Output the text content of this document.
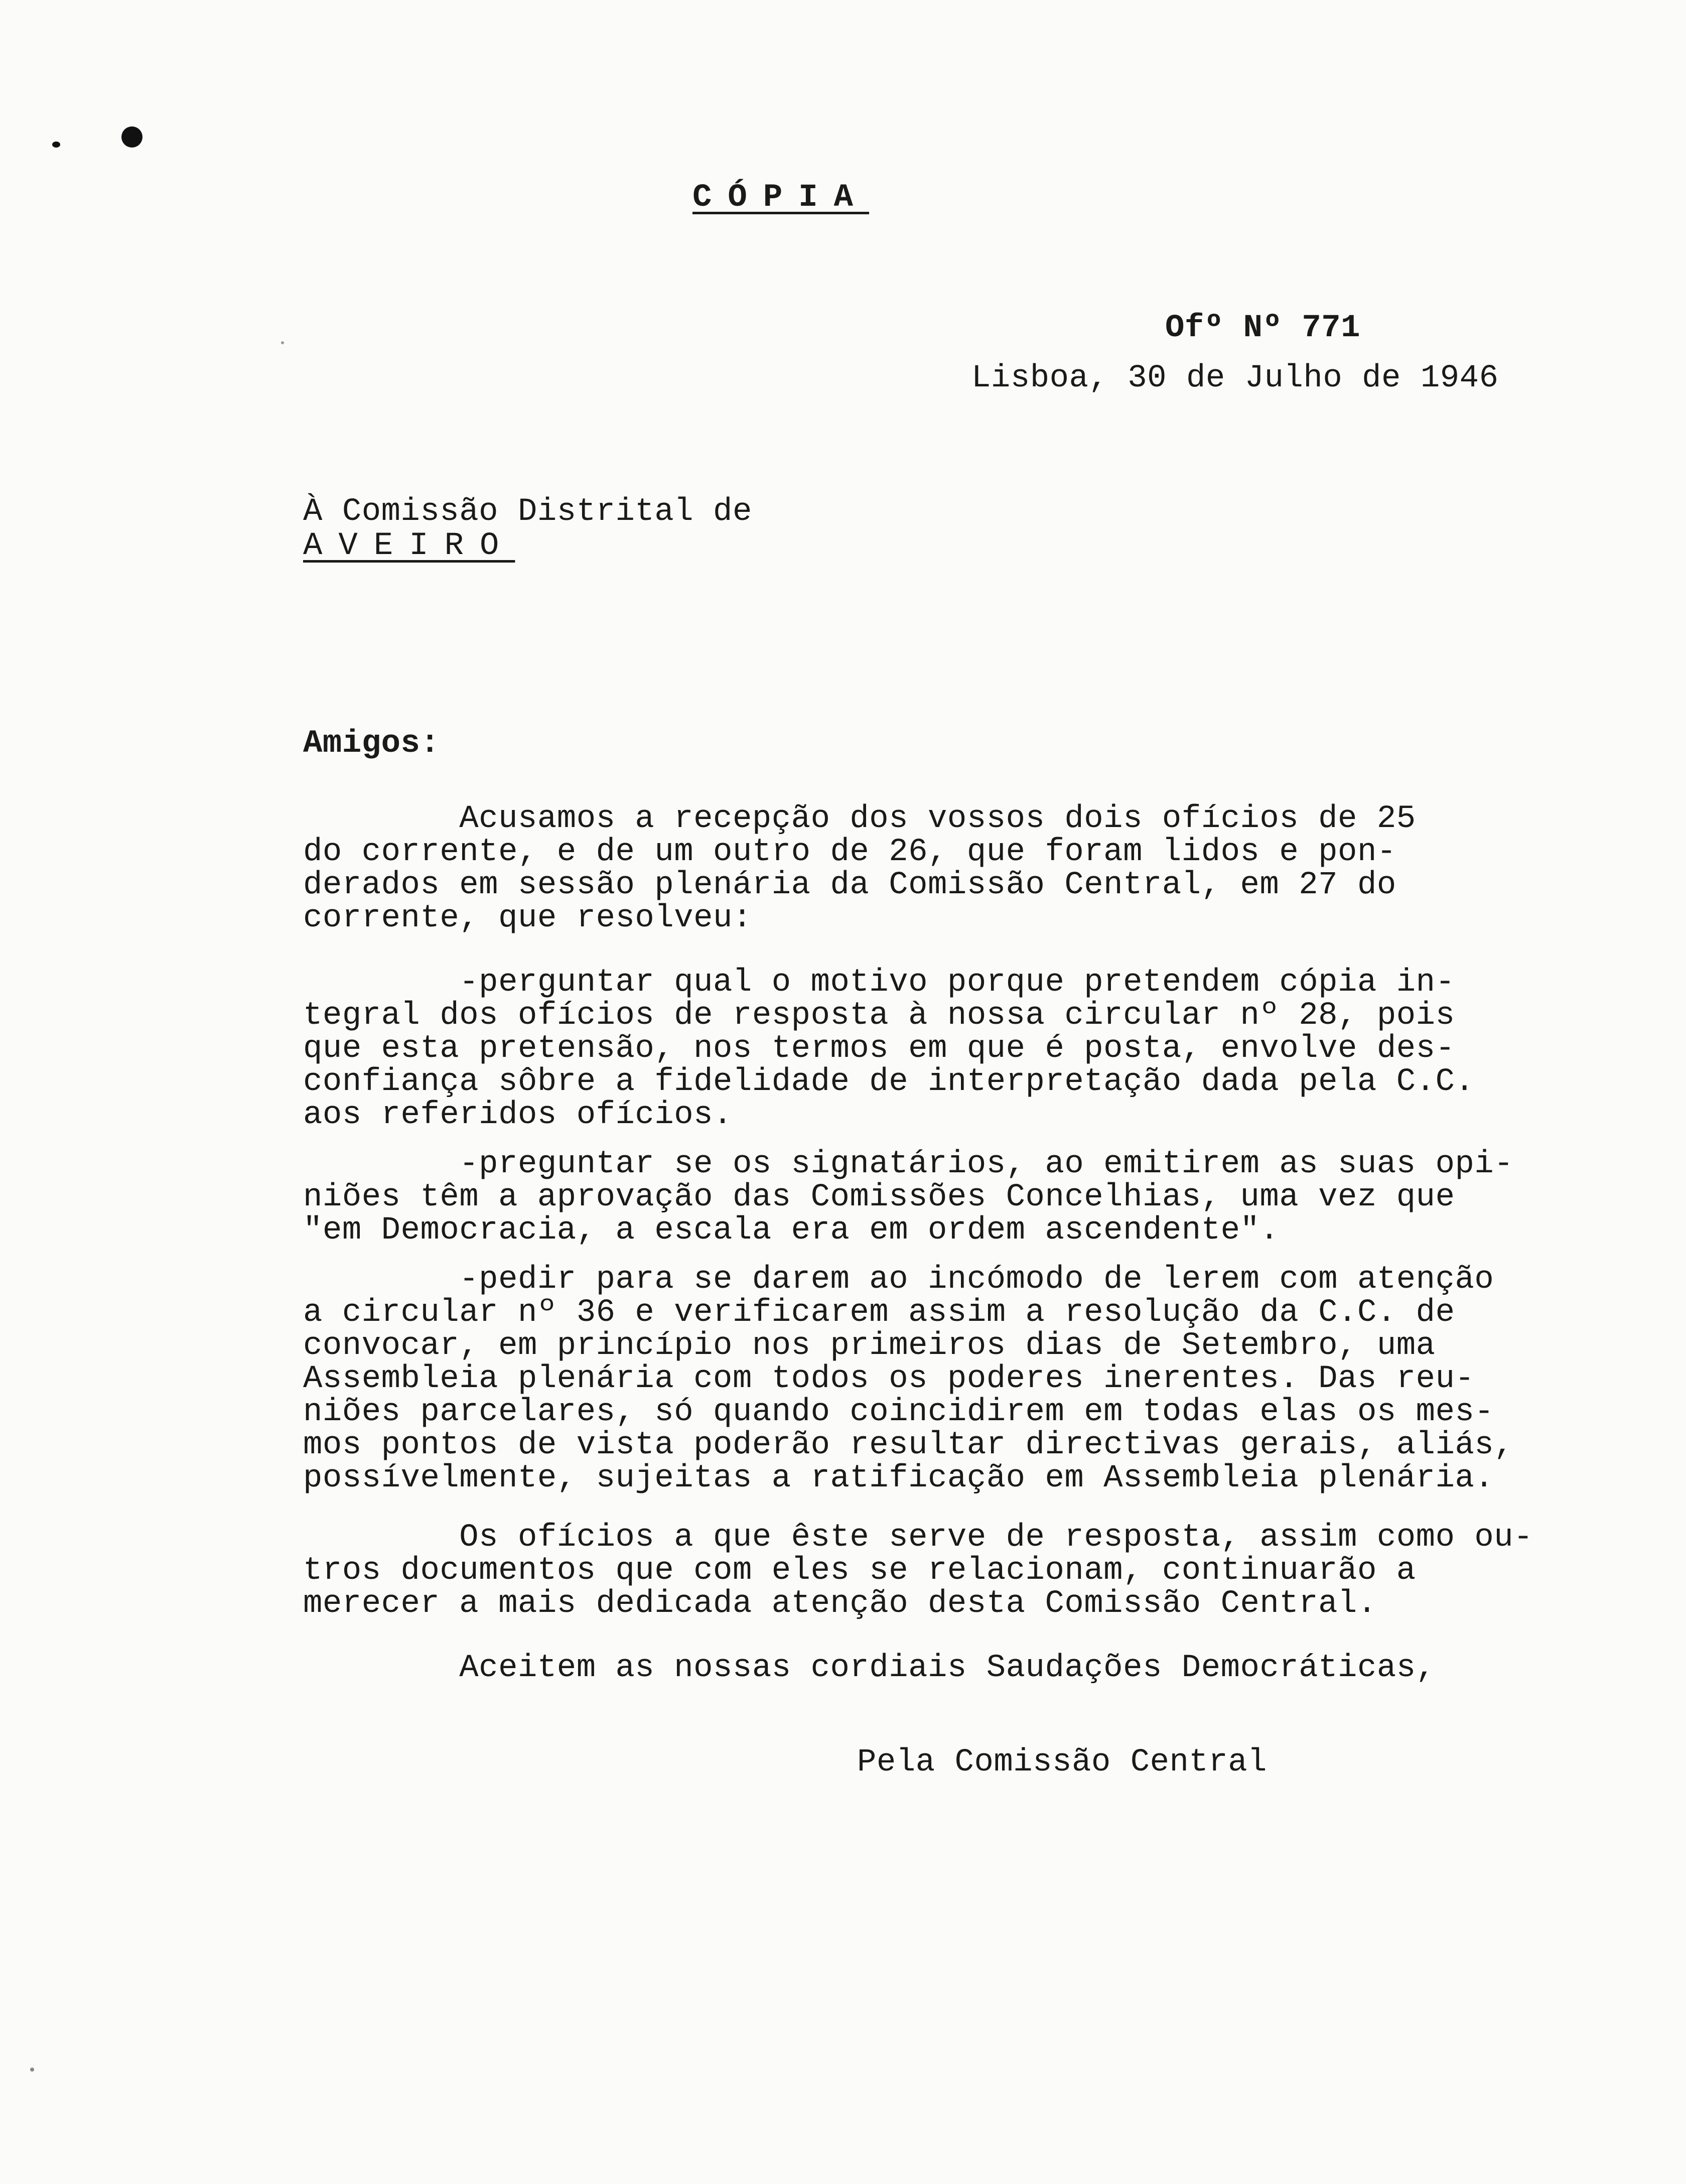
CÓPIA
Ofº Nº 771
Lisboa, 30 de Julho de 1946
À Comissão Distrital de
AVEIRO
Amigos:
Acusamos a recepção dos vossos dois ofícios de 25
do corrente, e de um outro de 26, que foram lidos e pon-
derados em sessão plenária da Comissão Central, em 27 do
corrente, que resolveu:
-perguntar qual o motivo porque pretendem cópia in-
tegral dos ofícios de resposta à nossa circular nº 28, pois
que esta pretensão, nos termos em que é posta, envolve des-
confiança sôbre a fidelidade de interpretação dada pela C.C.
aos referidos ofícios.
-preguntar se os signatários, ao emitirem as suas opi-
niões têm a aprovação das Comissões Concelhias, uma vez que
"em Democracia, a escala era em ordem ascendente".
-pedir para se darem ao incómodo de lerem com atenção
a circular nº 36 e verificarem assim a resolução da C.C. de
convocar, em princípio nos primeiros dias de Setembro, uma
Assembleia plenária com todos os poderes inerentes. Das reu-
niões parcelares, só quando coincidirem em todas elas os mes-
mos pontos de vista poderão resultar directivas gerais, aliás,
possívelmente, sujeitas a ratificação em Assembleia plenária.
Os ofícios a que êste serve de resposta, assim como ou-
tros documentos que com eles se relacionam, continuarão a
merecer a mais dedicada atenção desta Comissão Central.
Aceitem as nossas cordiais Saudações Democráticas,
Pela Comissão Central
